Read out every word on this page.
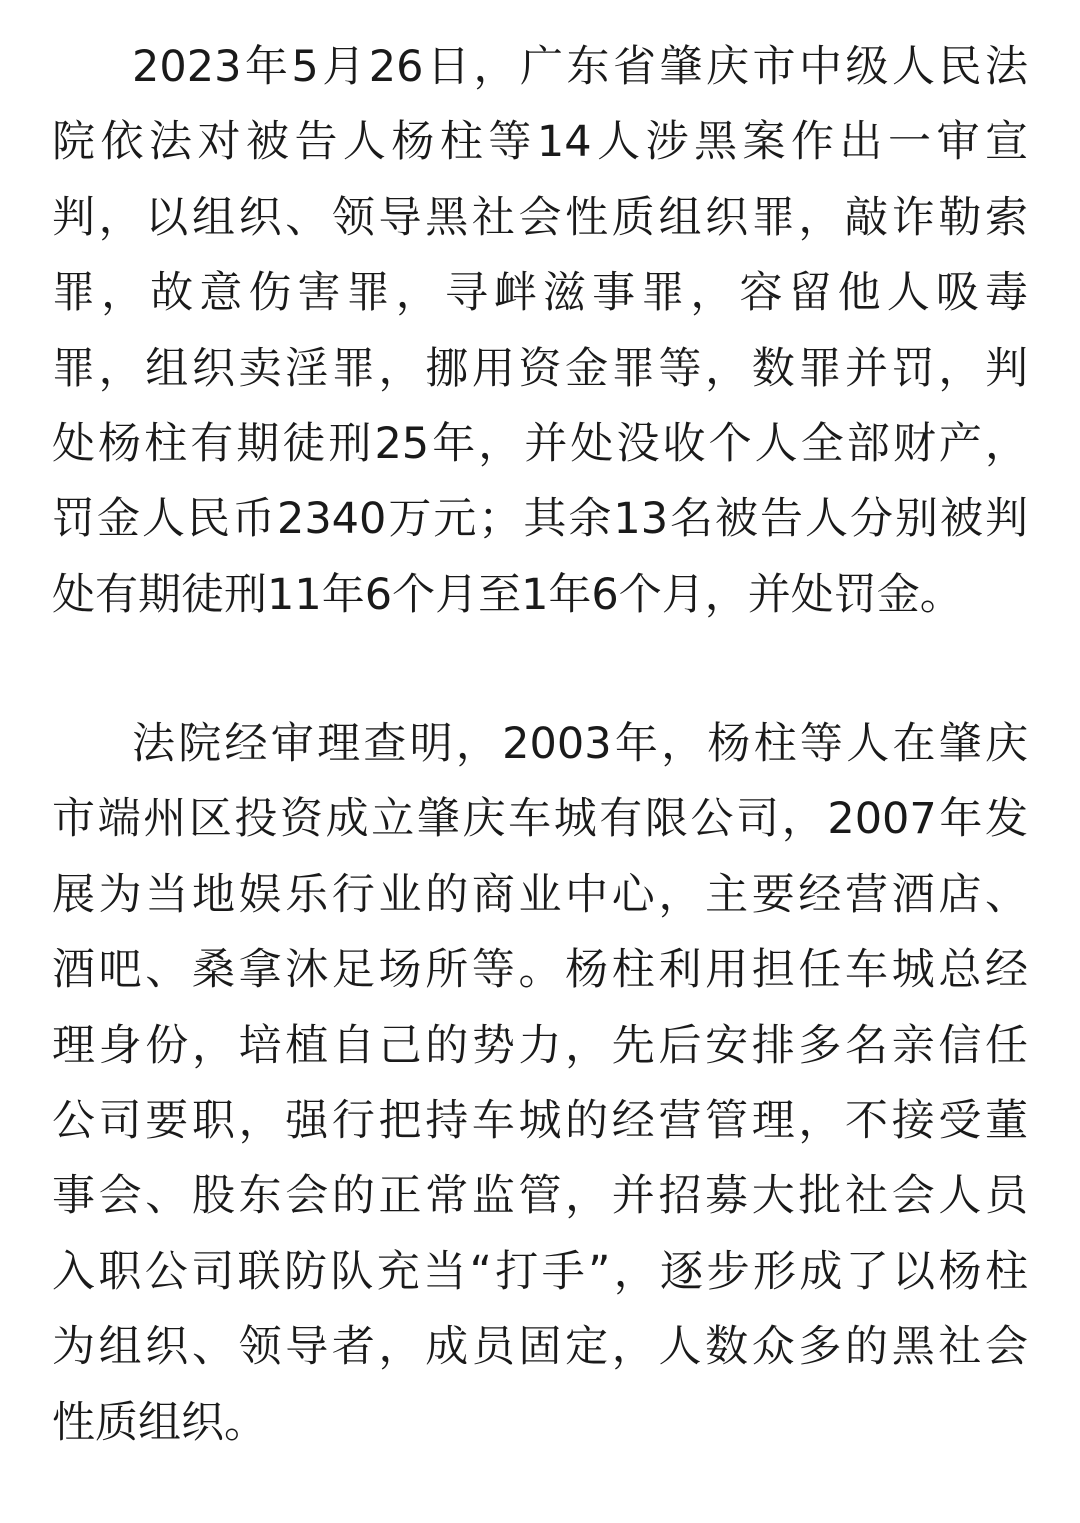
2023年5月26日，广东省肇庆市中级人民法
院依法对被告人杨柱等14人涉黑案作出一审宣
判，以组织、领导黑社会性质组织罪，敲诈勒索
罪，故意伤害罪，寻衅滋事罪，容留他人吸毒
罪，组织卖淫罪，挪用资金罪等，数罪并罚，判
处杨柱有期徒刑25年，并处没收个人全部财产，
罚金人民币2340万元；其余13名被告人分别被判
处有期徒刑11年6个月至1年6个月，并处罚金。
法院经审理查明，2003年，杨柱等人在肇庆
市端州区投资成立肇庆车城有限公司，2007年发
展为当地娱乐行业的商业中心，主要经营酒店、
酒吧、桑拿沐足场所等。杨柱利用担任车城总经
理身份，培植自己的势力，先后安排多名亲信任
公司要职，强行把持车城的经营管理，不接受董
事会、股东会的正常监管，并招募大批社会人员
入职公司联防队充当“打手”，逐步形成了以杨柱
为组织、领导者，成员固定，人数众多的黑社会
性质组织。
